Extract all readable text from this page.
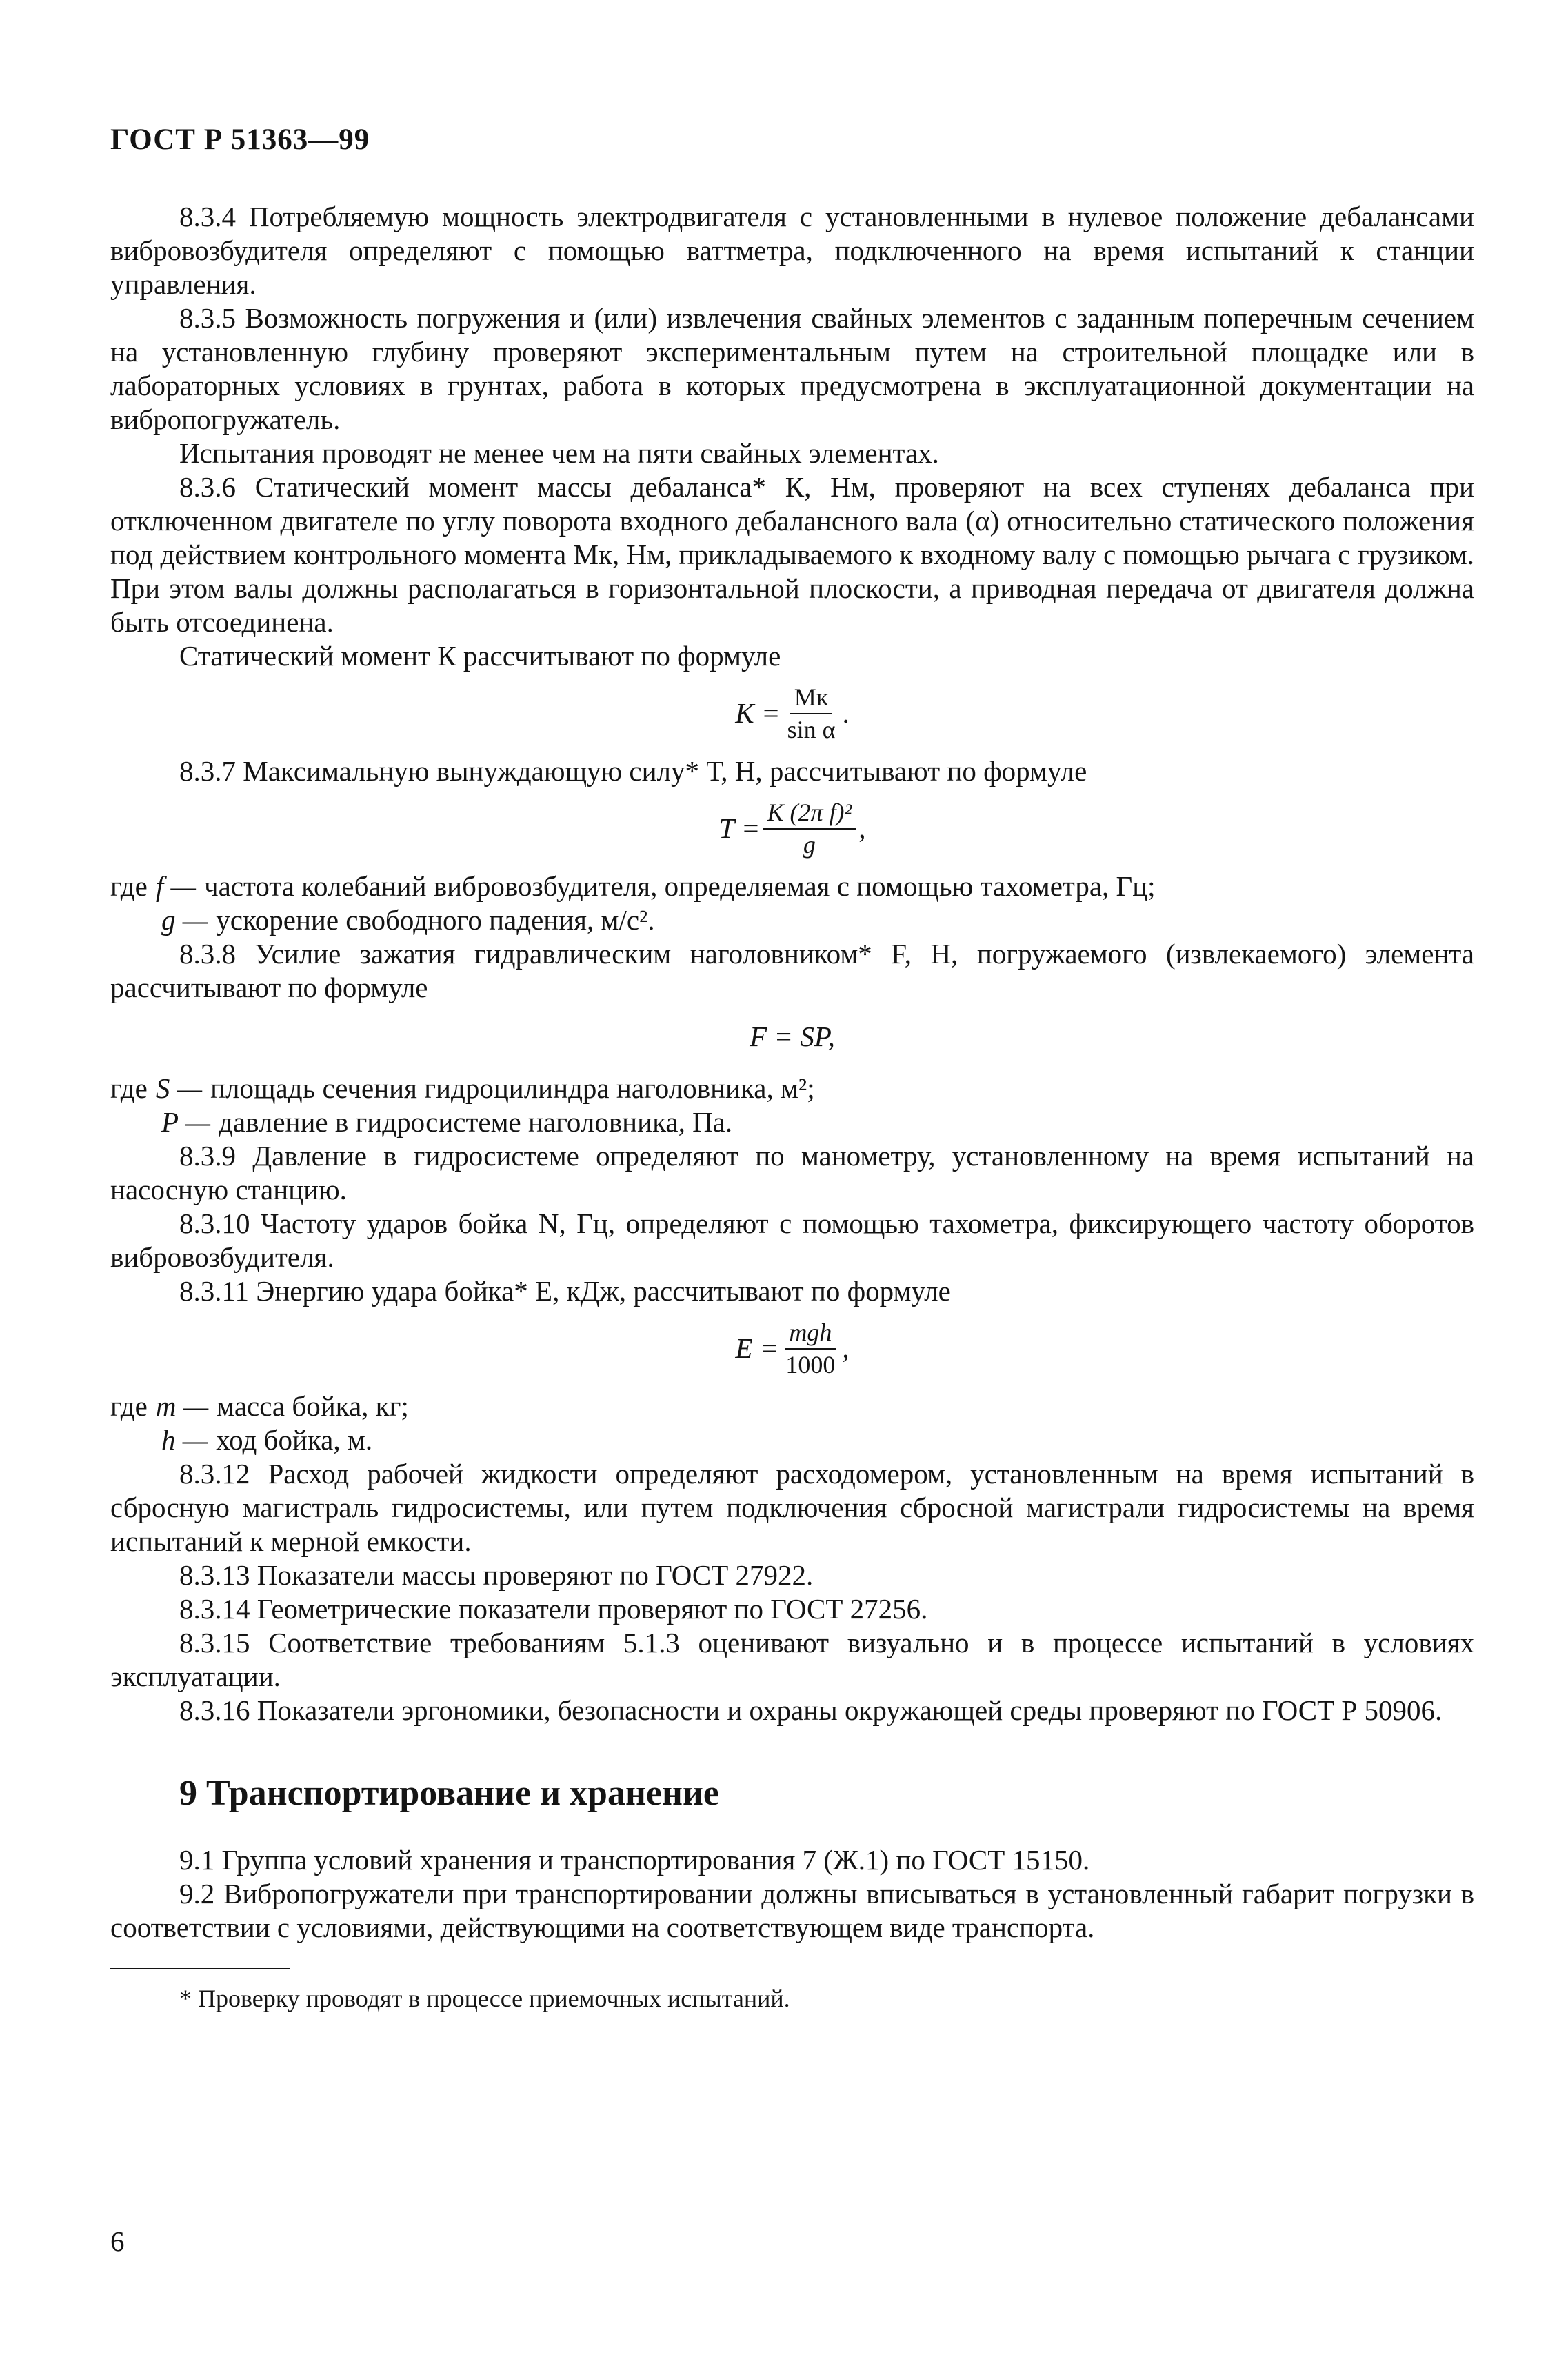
ГОСТ Р 51363—99

8.3.4 Потребляемую мощность электродвигателя с установленными в нулевое положение дебалансами вибровозбудителя определяют с помощью ваттметра, подключенного на время испытаний к станции управления.

8.3.5 Возможность погружения и (или) извлечения свайных элементов с заданным поперечным сечением на установленную глубину проверяют экспериментальным путем на строительной площадке или в лабораторных условиях в грунтах, работа в которых предусмотрена в эксплуатационной документации на вибропогружатель.

Испытания проводят не менее чем на пяти свайных элементах.

8.3.6 Статический момент массы дебаланса* К, Нм, проверяют на всех ступенях дебаланса при отключенном двигателе по углу поворота входного дебалансного вала (α) относительно статического положения под действием контрольного момента Мк, Нм, прикладываемого к входному валу с помощью рычага с грузиком. При этом валы должны располагаться в горизонтальной плоскости, а приводная передача от двигателя должна быть отсоединена.

Статический момент К рассчитывают по формуле

$K = \frac{Мк}{\text{sin α}}$ .

8.3.7 Максимальную вынуждающую силу* Т, Н, рассчитывают по формуле

$T = \frac{\text{K (2π f)²}}{g}$ ,
где f — частота колебаний вибровозбудителя, определяемая с помощью тахометра, Гц;
g — ускорение свободного падения, м/с².

8.3.8 Усилие зажатия гидравлическим наголовником* F, Н, погружаемого (извлекаемого) элемента рассчитывают по формуле

F = SP,
где S — площадь сечения гидроцилиндра наголовника, м²;
P — давление в гидросистеме наголовника, Па.

8.3.9 Давление в гидросистеме определяют по манометру, установленному на время испытаний на насосную станцию.

8.3.10 Частоту ударов бойка N, Гц, определяют с помощью тахометра, фиксирующего частоту оборотов вибровозбудителя.

8.3.11 Энергию удара бойка* Е, кДж, рассчитывают по формуле

$E = \frac{\text{mgh}}{1000}$ ,
где m — масса бойка, кг;
h — ход бойка, м.

8.3.12 Расход рабочей жидкости определяют расходомером, установленным на время испытаний в сбросную магистраль гидросистемы, или путем подключения сбросной магистрали гидросистемы на время испытаний к мерной емкости.

8.3.13 Показатели массы проверяют по ГОСТ 27922.

8.3.14 Геометрические показатели проверяют по ГОСТ 27256.

8.3.15 Соответствие требованиям 5.1.3 оценивают визуально и в процессе испытаний в условиях эксплуатации.

8.3.16 Показатели эргономики, безопасности и охраны окружающей среды проверяют по ГОСТ Р 50906.

9 Транспортирование и хранение

9.1 Группа условий хранения и транспортирования 7 (Ж.1) по ГОСТ 15150.

9.2 Вибропогружатели при транспортировании должны вписываться в установленный габарит погрузки в соответствии с условиями, действующими на соответствующем виде транспорта.

* Проверку проводят в процессе приемочных испытаний.

6
